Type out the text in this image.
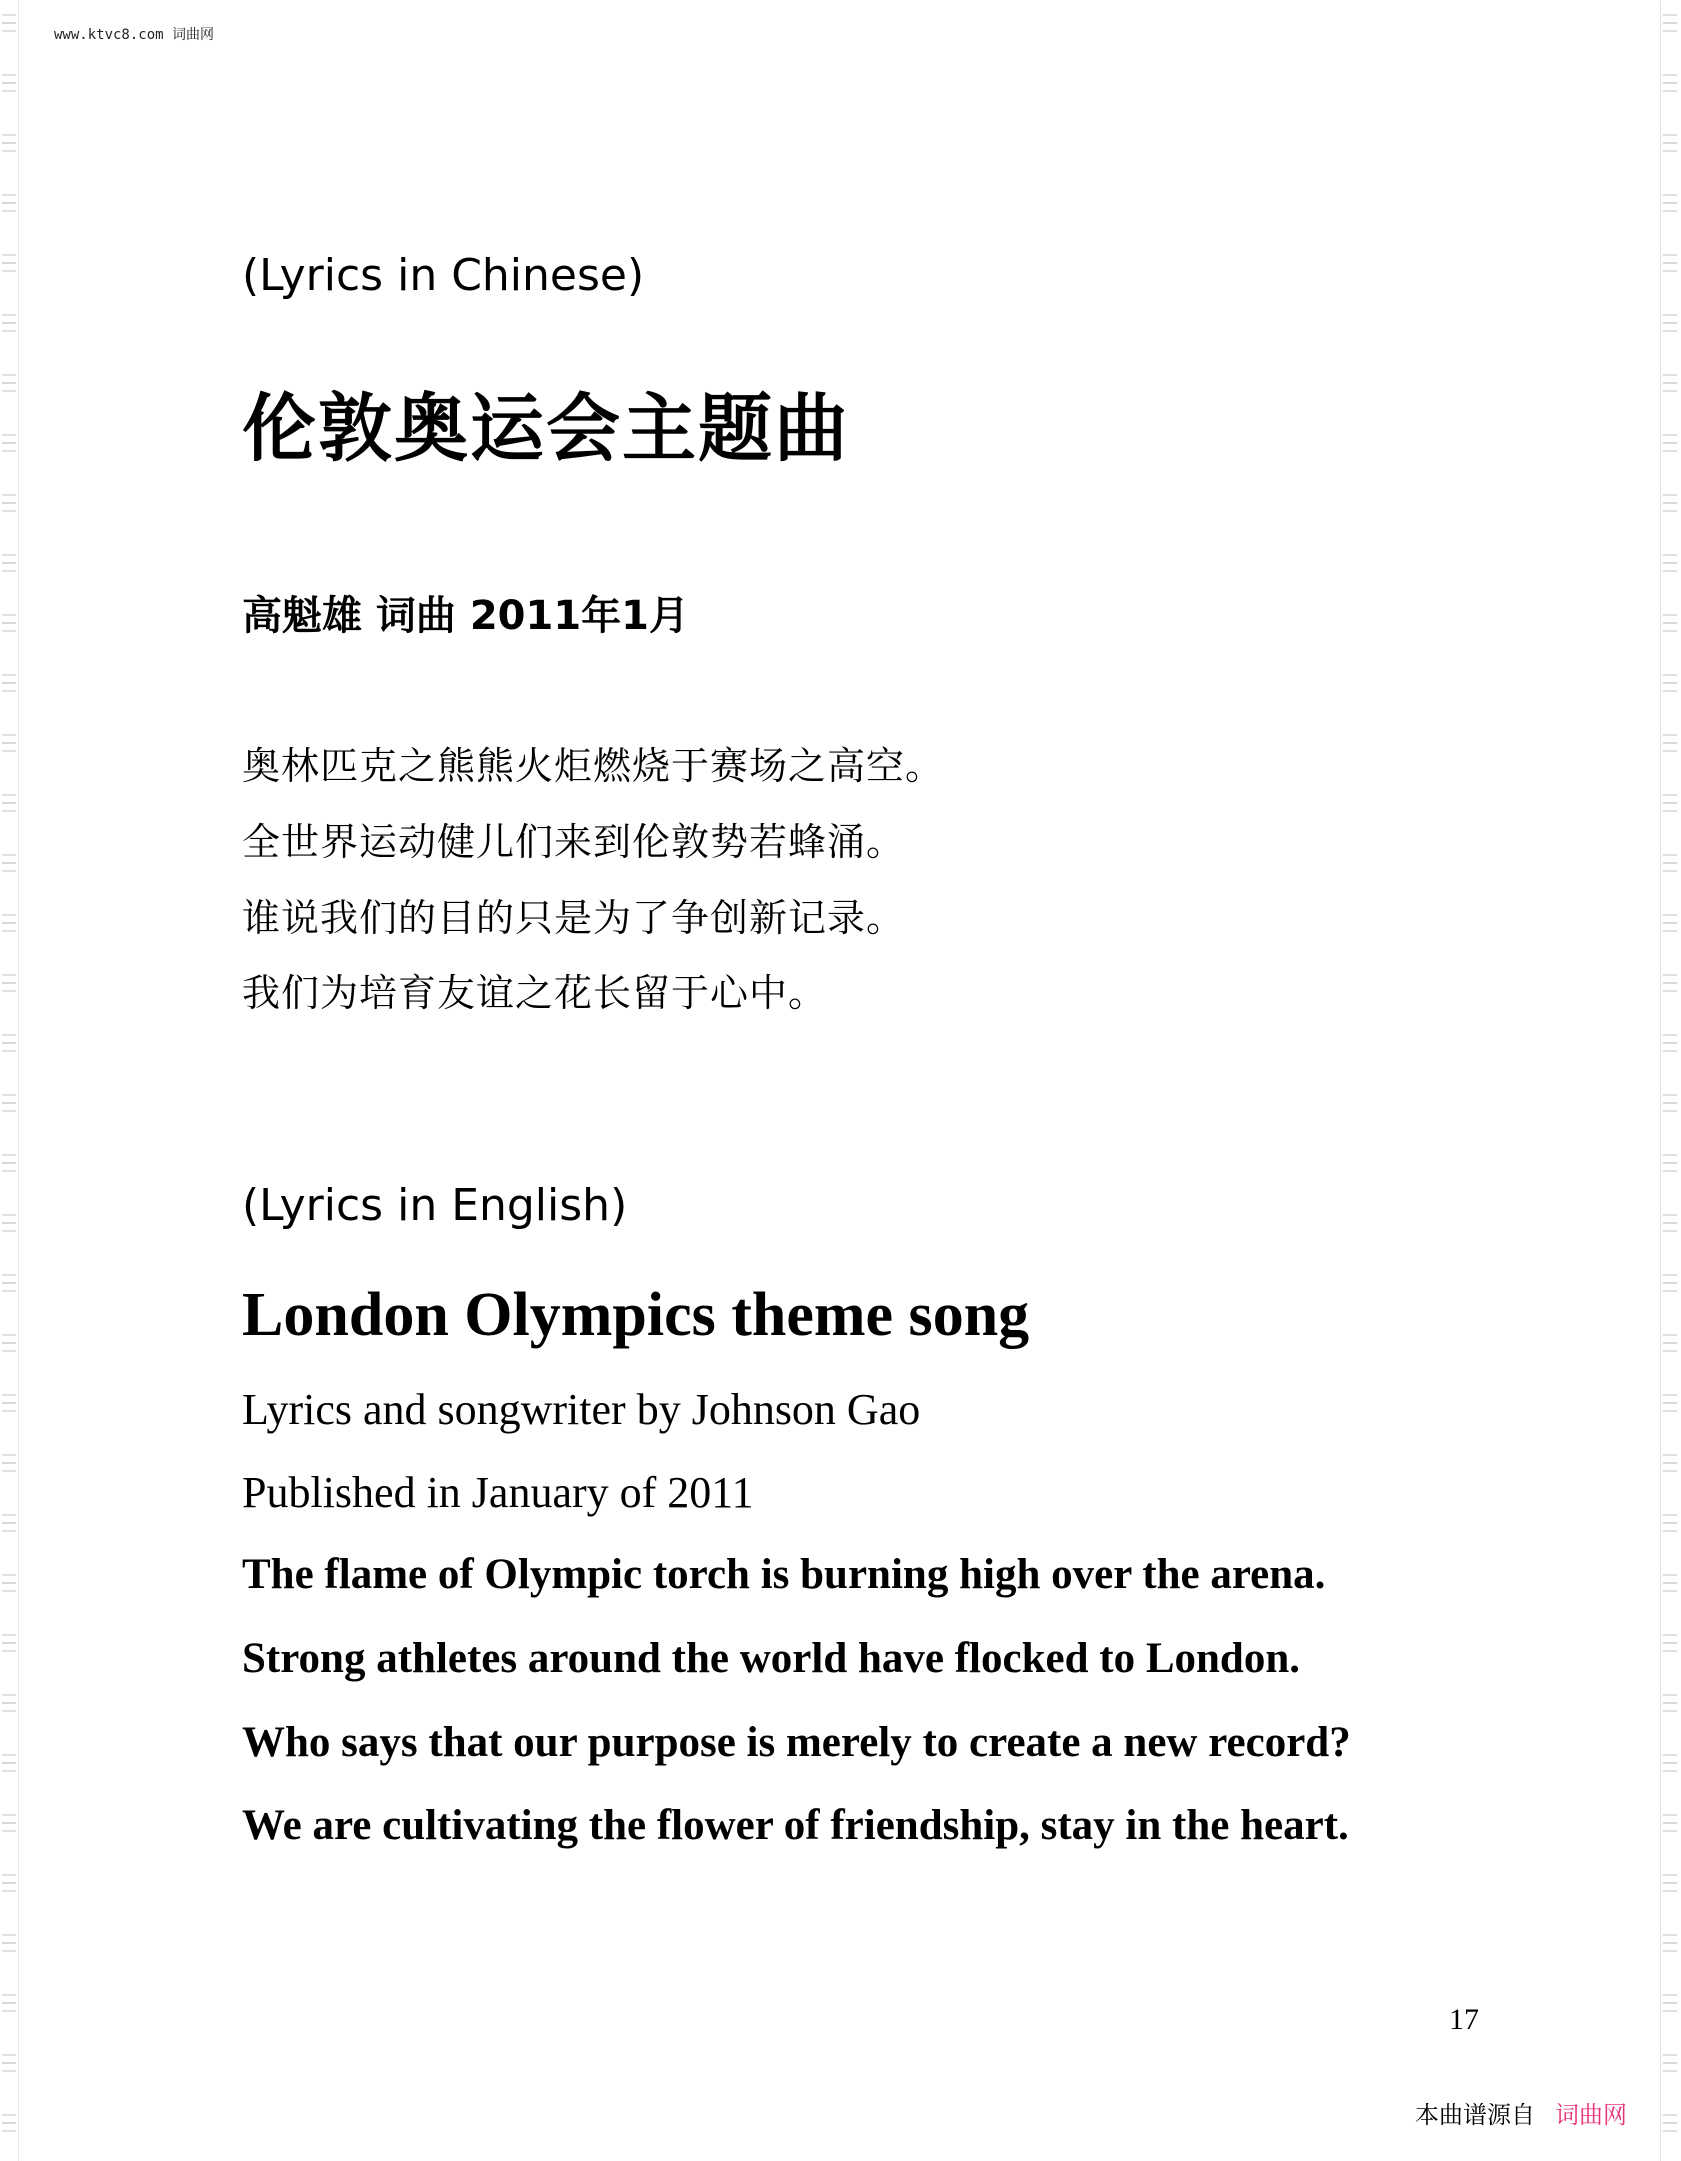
www.ktvc8.com 词曲网
(Lyrics in Chinese)
伦敦奥运会主题曲
高魁雄 词曲 2011年1月
奥林匹克之熊熊火炬燃烧于赛场之高空。
全世界运动健儿们来到伦敦势若蜂涌。
谁说我们的目的只是为了争创新记录。
我们为培育友谊之花长留于心中。
(Lyrics in English)
London Olympics theme song
Lyrics and songwriter by Johnson Gao
Published in January of 2011
The flame of Olympic torch is burning high over the arena.
Strong athletes around the world have flocked to London.
Who says that our purpose is merely to create a new record?
We are cultivating the flower of friendship, stay in the heart.
17
本曲谱源自 词曲网
